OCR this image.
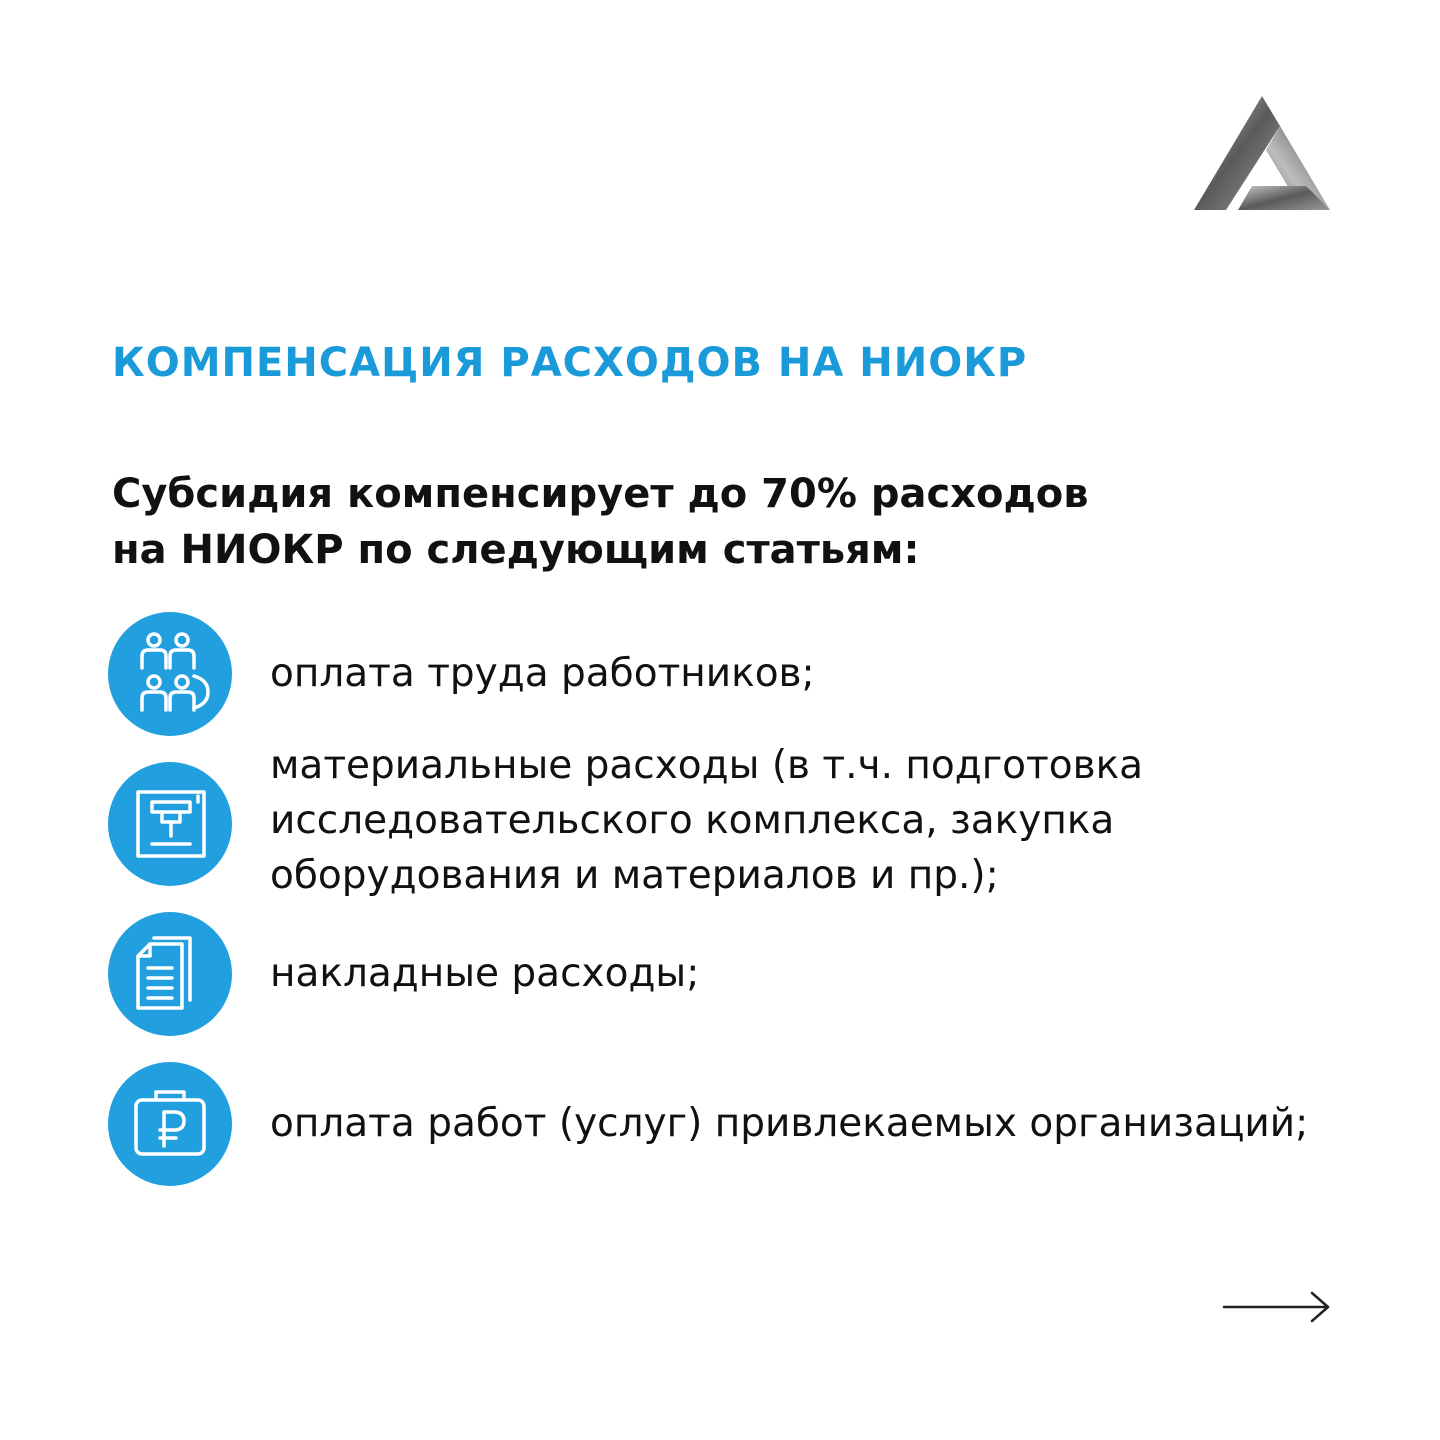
КОМПЕНСАЦИЯ РАСХОДОВ НА НИОКР
Субсидия компенсирует до 70% расходов
на НИОКР по следующим статьям:
оплата труда работников;
материальные расходы (в т.ч. подготовка
исследовательского комплекса, закупка
оборудования и материалов и пр.);
накладные расходы;
оплата работ (услуг) привлекаемых организаций;
